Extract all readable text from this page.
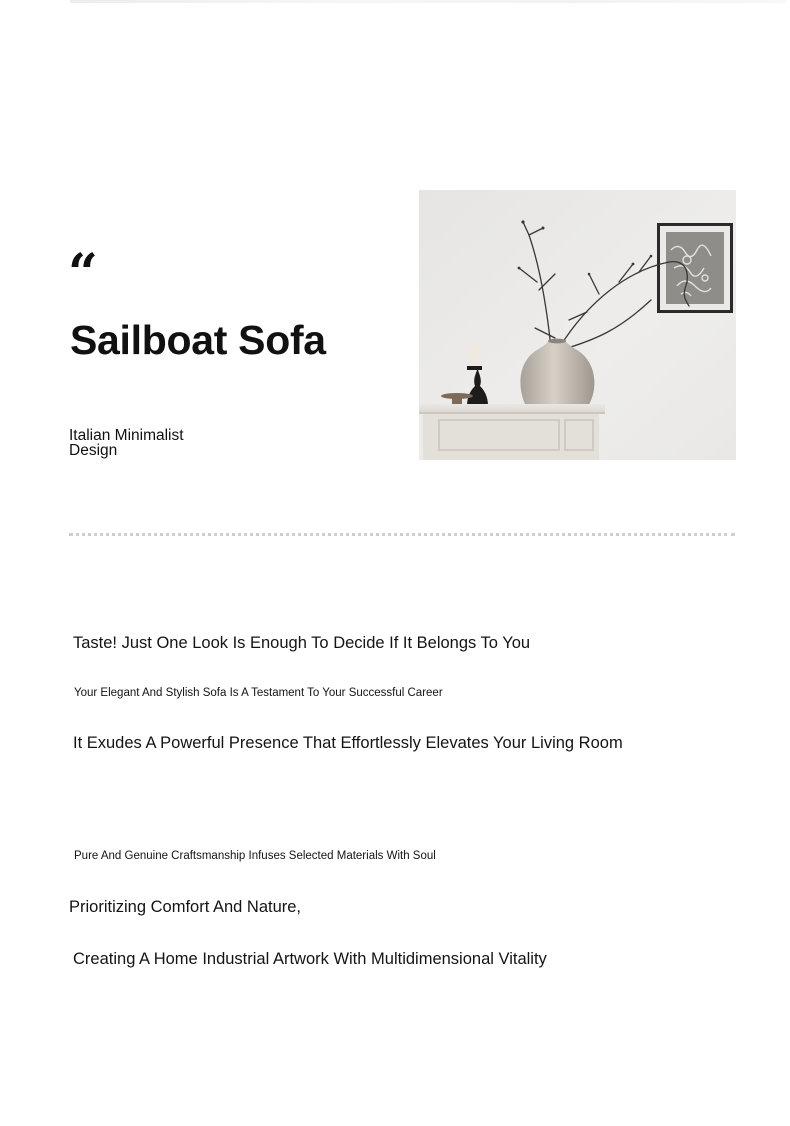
“
Sailboat Sofa
Italian Minimalist
Design
Taste! Just One Look Is Enough To Decide If It Belongs To You
Your Elegant And Stylish Sofa Is A Testament To Your Successful Career
It Exudes A Powerful Presence That Effortlessly Elevates Your Living Room
Pure And Genuine Craftsmanship Infuses Selected Materials With Soul
Prioritizing Comfort And Nature,
Creating A Home Industrial Artwork With Multidimensional Vitality
